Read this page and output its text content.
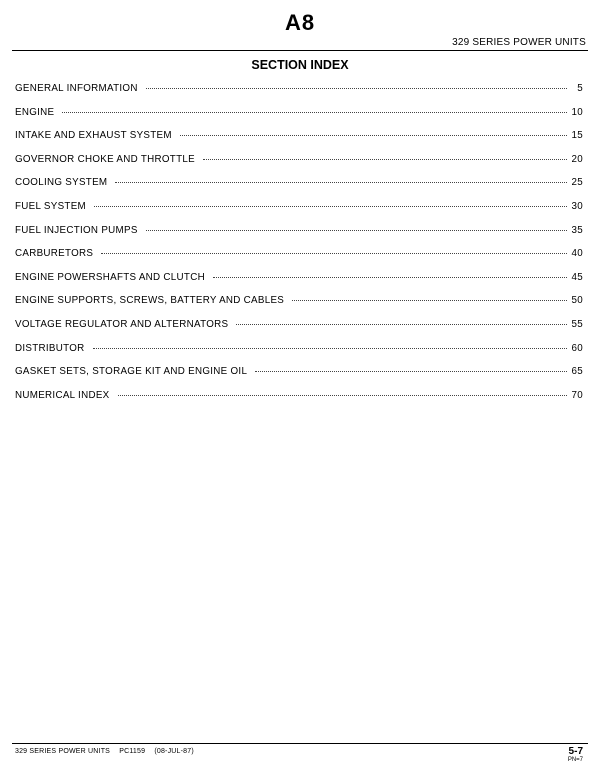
A8
329 SERIES POWER UNITS
SECTION INDEX
GENERAL INFORMATION	5
ENGINE	10
INTAKE AND EXHAUST SYSTEM	15
GOVERNOR CHOKE AND THROTTLE	20
COOLING SYSTEM	25
FUEL SYSTEM	30
FUEL INJECTION PUMPS	35
CARBURETORS	40
ENGINE POWERSHAFTS AND CLUTCH	45
ENGINE SUPPORTS, SCREWS, BATTERY AND CABLES	50
VOLTAGE REGULATOR AND ALTERNATORS	55
DISTRIBUTOR	60
GASKET SETS, STORAGE KIT AND ENGINE OIL	65
NUMERICAL INDEX	70
329 SERIES POWER UNITS PC1159 (08-JUL-87)	5-7
PN=7
